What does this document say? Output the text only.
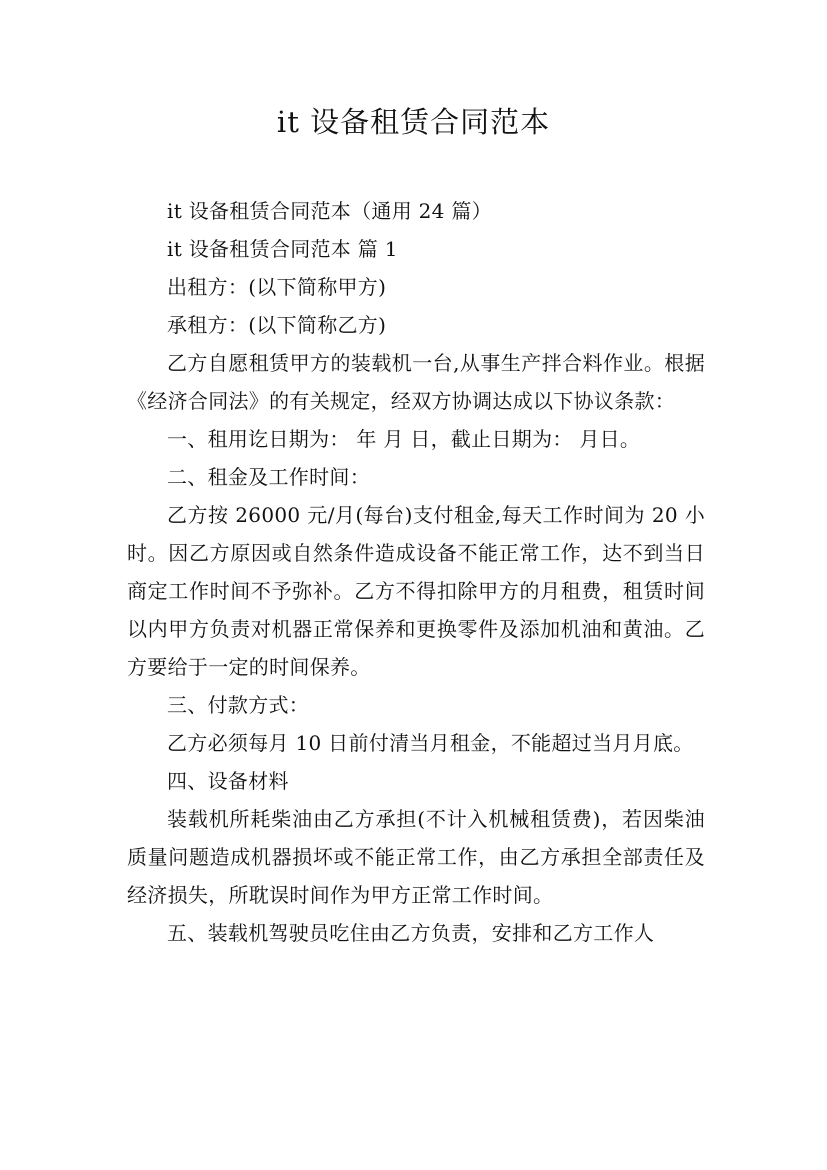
it 设备租赁合同范本

it 设备租赁合同范本（通用 24 篇）

it 设备租赁合同范本 篇 1

出租方：(以下简称甲方)

承租方：(以下简称乙方)

乙方自愿租赁甲方的装载机一台,从事生产拌合料作业。根据《经济合同法》的有关规定，经双方协调达成以下协议条款：

一、租用讫日期为： 年 月 日，截止日期为： 月日。

二、租金及工作时间：

乙方按 26000 元/月(每台)支付租金,每天工作时间为 20 小时。因乙方原因或自然条件造成设备不能正常工作，达不到当日商定工作时间不予弥补。乙方不得扣除甲方的月租费，租赁时间以内甲方负责对机器正常保养和更换零件及添加机油和黄油。乙方要给于一定的时间保养。

三、付款方式：

乙方必须每月 10 日前付清当月租金，不能超过当月月底。

四、设备材料

装载机所耗柴油由乙方承担(不计入机械租赁费)，若因柴油质量问题造成机器损坏或不能正常工作，由乙方承担全部责任及经济损失，所耽误时间作为甲方正常工作时间。

五、装载机驾驶员吃住由乙方负责，安排和乙方工作人
